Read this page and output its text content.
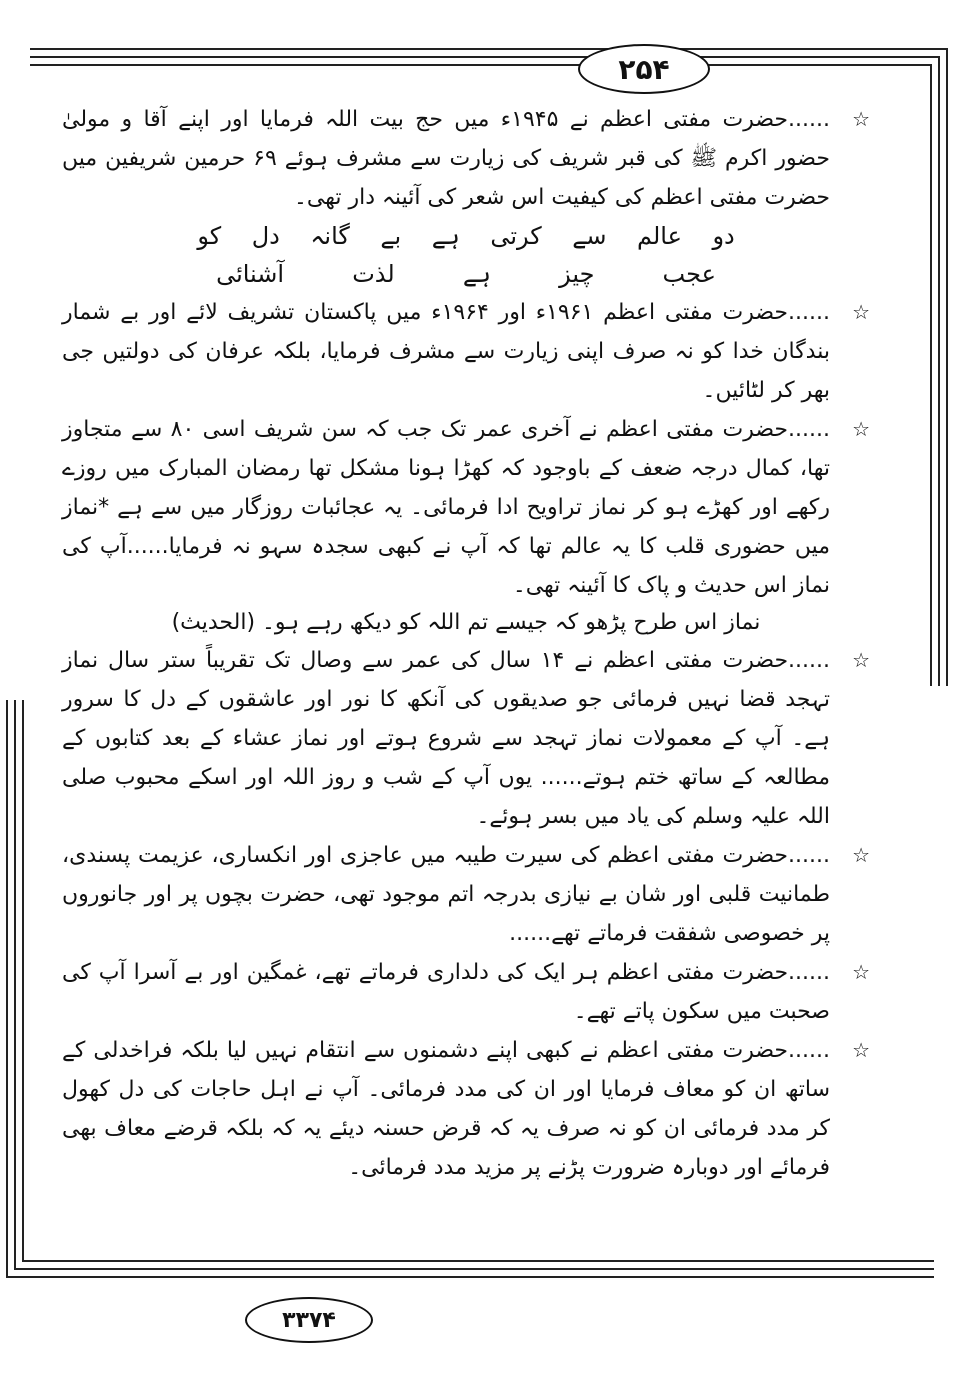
۲۵۴

☆
......حضرت مفتی اعظم نے ۱۹۴۵ء میں حج بیت اللہ فرمایا اور اپنے آقا و مولیٰ حضور اکرم ﷺ کی قبر شریف کی زیارت سے مشرف ہوئے ۶۹ حرمین شریفین میں حضرت مفتی اعظم کی کیفیت اس شعر کی آئینہ دار تھی۔

دو
عالم
سے
کرتی
ہے
بے
گانہ
دل
کو
عجب
چیز
ہے
لذت
آشنائی

☆
......حضرت مفتی اعظم ۱۹۶۱ء اور ۱۹۶۴ء میں پاکستان تشریف لائے اور بے شمار بندگان خدا کو نہ صرف اپنی زیارت سے مشرف فرمایا، بلکہ عرفان کی دولتیں جی بھر کر لٹائیں۔

☆
......حضرت مفتی اعظم نے آخری عمر تک جب کہ سن شریف اسی ۸۰ سے متجاوز تھا، کمال درجہ ضعف کے باوجود کہ کھڑا ہونا مشکل تھا رمضان المبارک میں روزے رکھے اور کھڑے ہو کر نماز تراویح ادا فرمائی۔ یہ عجائبات روزگار میں سے ہے *نماز میں حضوری قلب کا یہ عالم تھا کہ آپ نے کبھی سجدہ سہو نہ فرمایا......آپ کی نماز اس حدیث و پاک کا آئینہ تھی۔

نماز اس طرح پڑھو کہ جیسے تم اللہ کو دیکھ رہے ہو۔ (الحدیث)

☆
......حضرت مفتی اعظم نے ۱۴ سال کی عمر سے وصال تک تقریباً ستر سال نماز تہجد قضا نہیں فرمائی جو صدیقوں کی آنکھ کا نور اور عاشقوں کے دل کا سرور ہے۔ آپ کے معمولات نماز تہجد سے شروع ہوتے اور نماز عشاء کے بعد کتابوں کے مطالعہ کے ساتھ ختم ہوتے...... یوں آپ کے شب و روز اللہ اور اسکے محبوب صلی اللہ علیہ وسلم کی یاد میں بسر ہوئے۔

☆
......حضرت مفتی اعظم کی سیرت طیبہ میں عاجزی اور انکساری، عزیمت پسندی، طمانیت قلبی اور شان بے نیازی بدرجہ اتم موجود تھی، حضرت بچوں پر اور جانوروں پر خصوصی شفقت فرماتے تھے......

☆
......حضرت مفتی اعظم ہر ایک کی دلداری فرماتے تھے، غمگین اور بے آسرا آپ کی صحبت میں سکون پاتے تھے۔

☆
......حضرت مفتی اعظم نے کبھی اپنے دشمنوں سے انتقام نہیں لیا بلکہ فراخدلی کے ساتھ ان کو معاف فرمایا اور ان کی مدد فرمائی۔ آپ نے اہل حاجات کی دل کھول کر مدد فرمائی ان کو نہ صرف یہ کہ قرض حسنہ دیئے یہ کہ بلکہ قرضے معاف بھی فرمائے اور دوبارہ ضرورت پڑنے پر مزید مدد فرمائی۔

۳۳۷۴
